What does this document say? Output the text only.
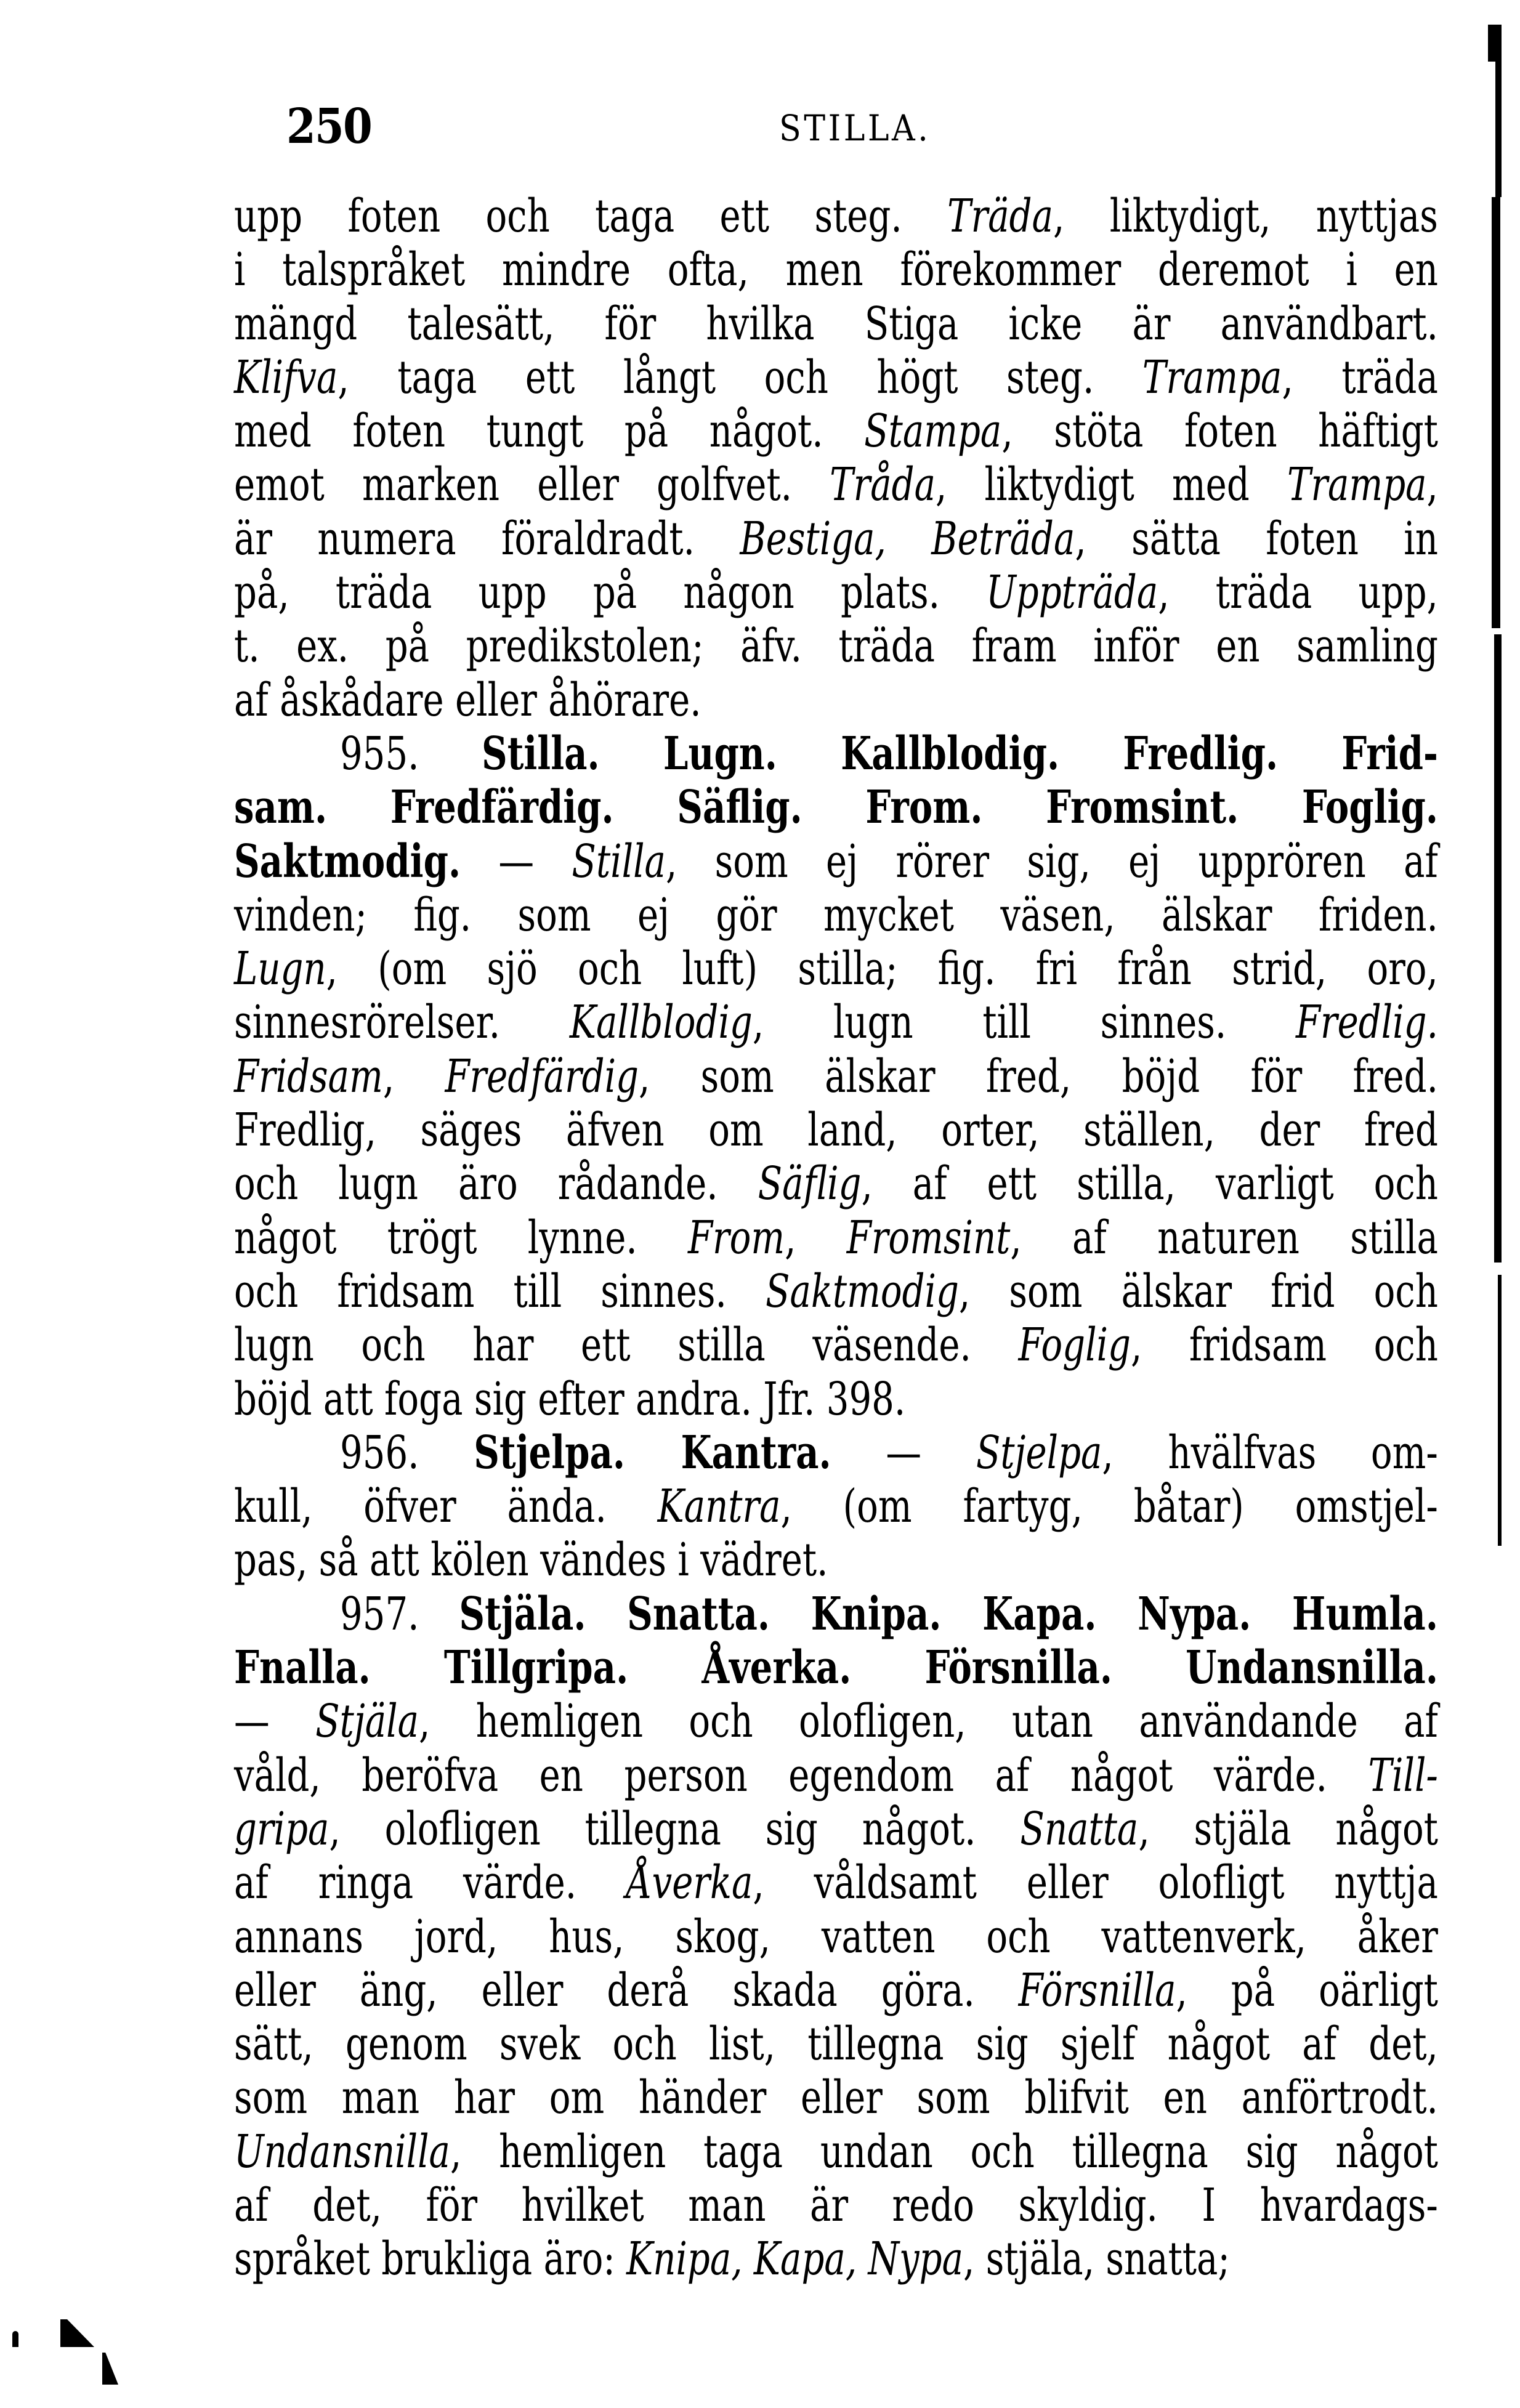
250	STILLA.
upp foten och taga ett steg. Träda, liktydigt, nyttjas
i talspråket mindre ofta, men förekommer deremot i en
mängd talesätt, för hvilka Stiga icke är användbart.
Klifva, taga ett långt och högt steg. Trampa, träda
med foten tungt på något. Stampa, stöta foten häftigt
emot marken eller golfvet. Tråda, liktydigt med Trampa,
är numera föraldradt. Bestiga, Beträda, sätta foten in
på, träda upp på någon plats. Uppträda, träda upp,
t. ex. på predikstolen; äfv. träda fram inför en samling
af åskådare eller åhörare.
955. Stilla. Lugn. Kallblodig. Fredlig. Frid-
sam. Fredfärdig. Säflig. From. Fromsint. Foglig.
Saktmodig. — Stilla, som ej rörer sig, ej upprören af
vinden; fig. som ej gör mycket väsen, älskar friden.
Lugn, (om sjö och luft) stilla; fig. fri från strid, oro,
sinnesrörelser. Kallblodig, lugn till sinnes. Fredlig.
Fridsam, Fredfärdig, som älskar fred, böjd för fred.
Fredlig, säges äfven om land, orter, ställen, der fred
och lugn äro rådande. Säflig, af ett stilla, varligt och
något trögt lynne. From, Fromsint, af naturen stilla
och fridsam till sinnes. Saktmodig, som älskar frid och
lugn och har ett stilla väsende. Foglig, fridsam och
böjd att foga sig efter andra. Jfr. 398.
956. Stjelpa. Kantra. — Stjelpa, hvälfvas om-
kull, öfver ända. Kantra, (om fartyg, båtar) omstjel-
pas, så att kölen vändes i vädret.
957. Stjäla. Snatta. Knipa. Kapa. Nypa. Humla.
Fnalla. Tillgripa. Åverka. Försnilla. Undansnilla.
— Stjäla, hemligen och olofligen, utan användande af
våld, beröfva en person egendom af något värde. Till-
gripa, olofligen tillegna sig något. Snatta, stjäla något
af ringa värde. Åverka, våldsamt eller olofligt nyttja
annans jord, hus, skog, vatten och vattenverk, åker
eller äng, eller derå skada göra. Försnilla, på oärligt
sätt, genom svek och list, tillegna sig sjelf något af det,
som man har om händer eller som blifvit en anförtrodt.
Undansnilla, hemligen taga undan och tillegna sig något
af det, för hvilket man är redo skyldig. I hvardags-
språket brukliga äro: Knipa, Kapa, Nypa, stjäla, snatta;
